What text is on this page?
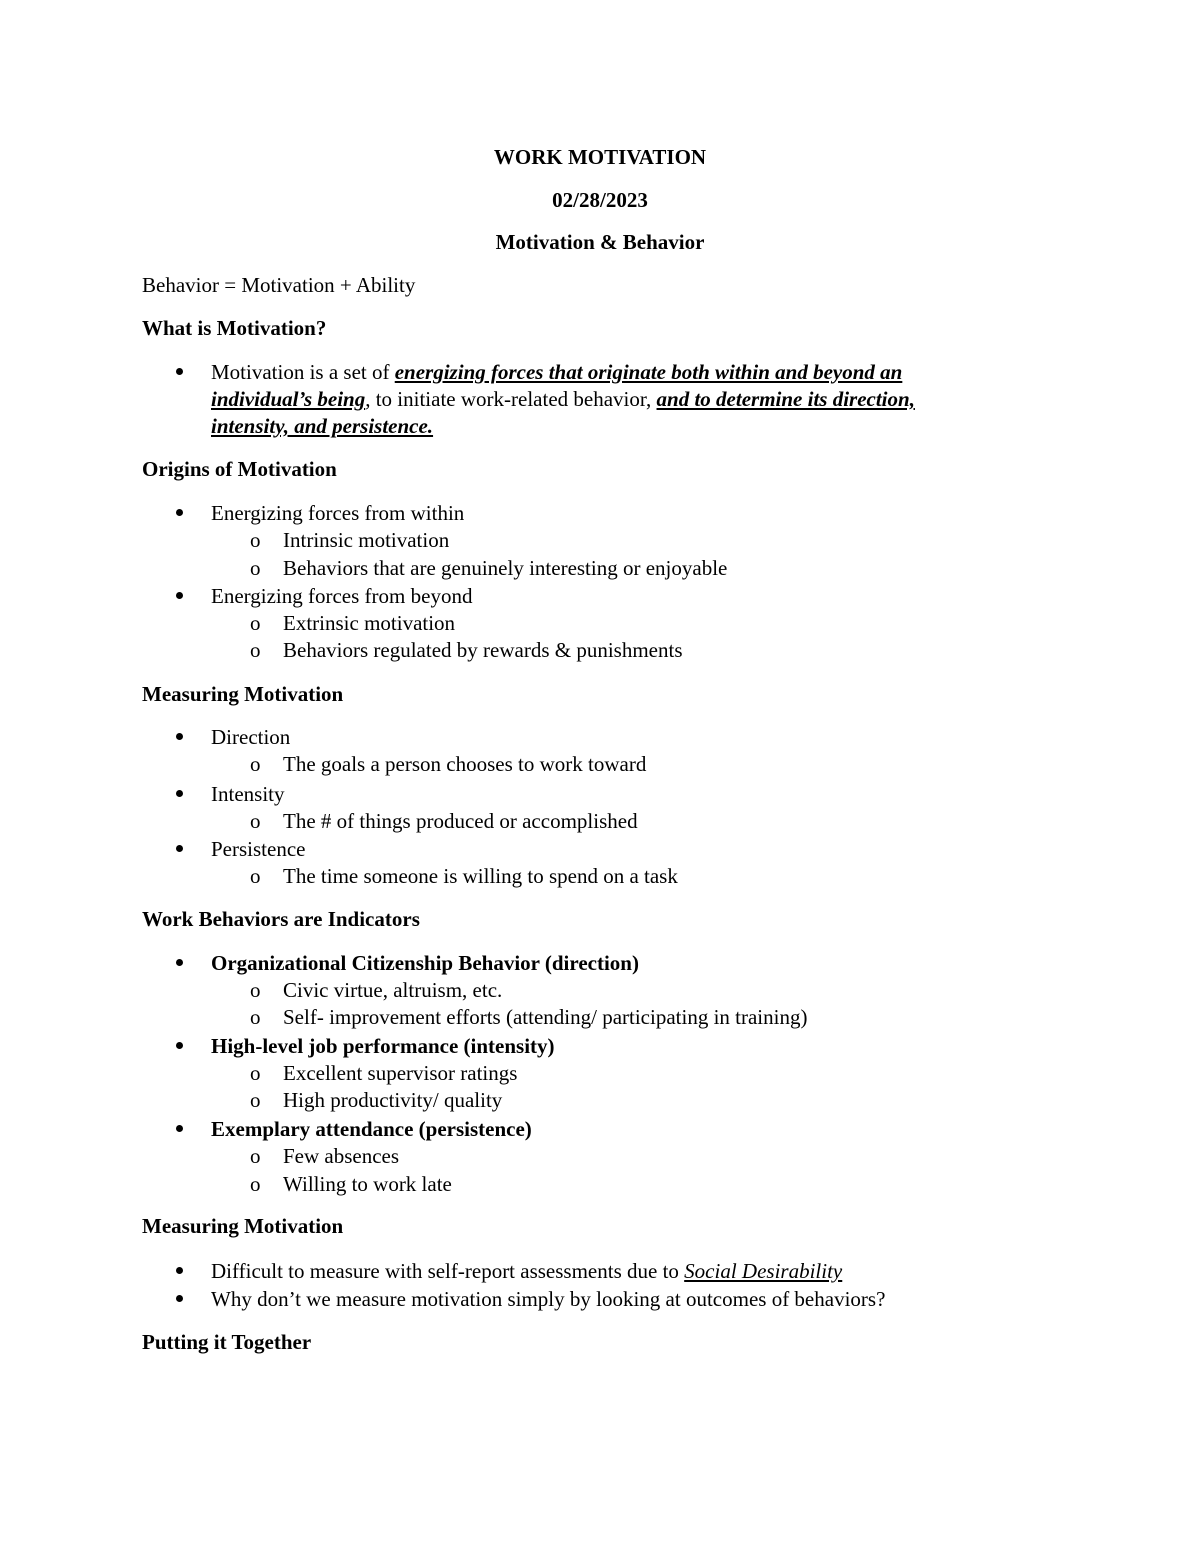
WORK MOTIVATION
02/28/2023
Motivation & Behavior
Behavior = Motivation + Ability
What is Motivation?
Motivation is a set of energizing forces that originate both within and beyond an
individual’s being, to initiate work-related behavior, and to determine its direction,
intensity, and persistence.
Origins of Motivation
Energizing forces from within
o Intrinsic motivation
o Behaviors that are genuinely interesting or enjoyable
Energizing forces from beyond
o Extrinsic motivation
o Behaviors regulated by rewards & punishments
Measuring Motivation
Direction
o The goals a person chooses to work toward
Intensity
o The # of things produced or accomplished
Persistence
o The time someone is willing to spend on a task
Work Behaviors are Indicators
Organizational Citizenship Behavior (direction)
o Civic virtue, altruism, etc.
o Self- improvement efforts (attending/ participating in training)
High-level job performance (intensity)
o Excellent supervisor ratings
o High productivity/ quality
Exemplary attendance (persistence)
o Few absences
o Willing to work late
Measuring Motivation
Difficult to measure with self-report assessments due to Social Desirability
Why don’t we measure motivation simply by looking at outcomes of behaviors?
Putting it Together
